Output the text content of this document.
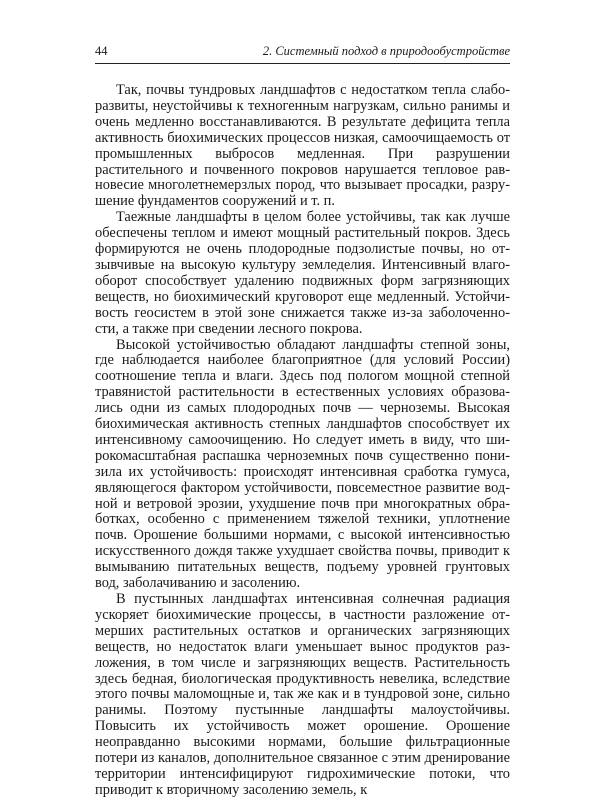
44	2. Системный подход в природообустройстве

Так, почвы тундровых ландшафтов с недостатком тепла слаборазвиты, неустойчивы к техногенным нагрузкам, сильно ранимы и очень медленно восстанавливаются. В результате дефицита тепла активность биохимических процессов низкая, самоочищаемость от промышленных выбросов медленная. При разрушении растительного и почвенного покровов нарушается тепловое равновесие многолетнемерзлых пород, что вызывает просадки, разрушение фундаментов сооружений и т. п.

Таежные ландшафты в целом более устойчивы, так как лучше обеспечены теплом и имеют мощный растительный покров. Здесь формируются не очень плодородные подзолистые почвы, но отзывчивые на высокую культуру земледелия. Интенсивный влагооборот способствует удалению подвижных форм загрязняющих веществ, но биохимический круговорот еще медленный. Устойчивость геосистем в этой зоне снижается также из-за заболоченности, а также при сведении лесного покрова.

Высокой устойчивостью обладают ландшафты степной зоны, где наблюдается наиболее благоприятное (для условий России) соотношение тепла и влаги. Здесь под пологом мощной степной травянистой растительности в естественных условиях образовались одни из самых плодородных почв — черноземы. Высокая биохимическая активность степных ландшафтов способствует их интенсивному самоочищению. Но следует иметь в виду, что широкомасштабная распашка черноземных почв существенно понизила их устойчивость: происходят интенсивная сработка гумуса, являющегося фактором устойчивости, повсеместное развитие водной и ветровой эрозии, ухудшение почв при многократных обработках, особенно с применением тяжелой техники, уплотнение почв. Орошение большими нормами, с высокой интенсивностью искусственного дождя также ухудшает свойства почвы, приводит к вымыванию питательных веществ, подъему уровней грунтовых вод, заболачиванию и засолению.

В пустынных ландшафтах интенсивная солнечная радиация ускоряет биохимические процессы, в частности разложение отмерших растительных остатков и органических загрязняющих веществ, но недостаток влаги уменьшает вынос продуктов разложения, в том числе и загрязняющих веществ. Растительность здесь бедная, биологическая продуктивность невелика, вследствие этого почвы маломощные и, так же как и в тундровой зоне, сильно ранимы. Поэтому пустынные ландшафты малоустойчивы. Повысить их устойчивость может орошение. Орошение неоправданно высокими нормами, большие фильтрационные потери из каналов, дополнительное связанное с этим дренирование территории интенсифицируют гидрохимические потоки, что приводит к вторичному засолению земель, к
